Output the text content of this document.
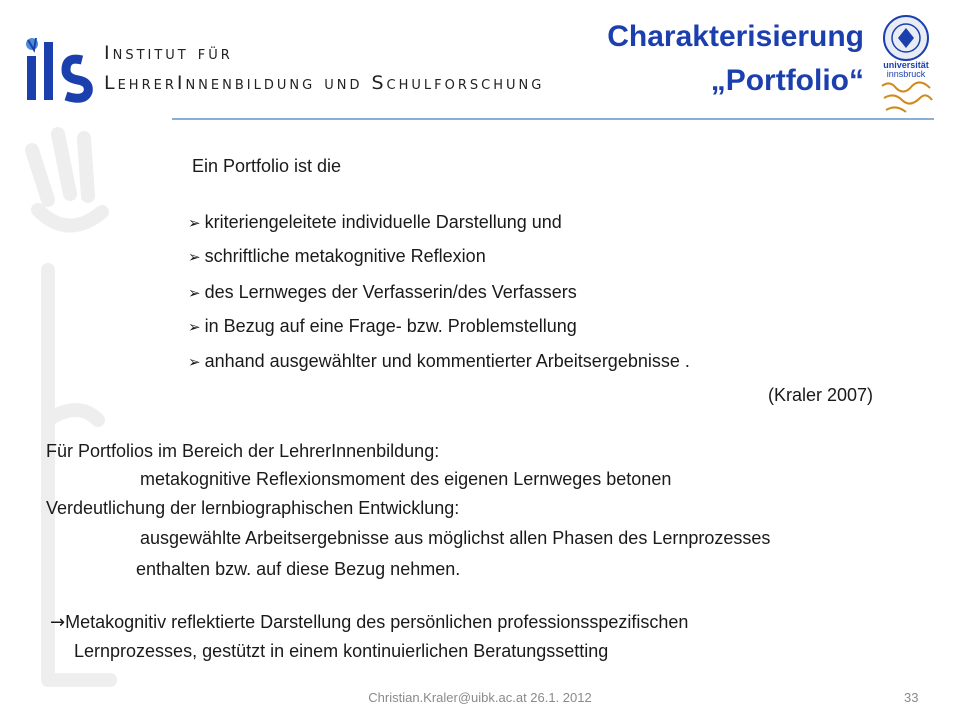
ILS
Institut für
LehrerInnenbildung und Schulforschung
Charakterisierung
„Portfolio“ universität
innsbruck
Ein Portfolio ist die
➢ kriteriengeleitete individuelle Darstellung und
➢ schriftliche metakognitive Reflexion
➢ des Lernweges der Verfasserin/des Verfassers
➢ in Bezug auf eine Frage- bzw. Problemstellung
➢ anhand ausgewählter und kommentierter Arbeitsergebnisse .
(Kraler 2007)
Für Portfolios im Bereich der LehrerInnenbildung:
metakognitive Reflexionsmoment des eigenen Lernweges betonen
Verdeutlichung der lernbiographischen Entwicklung:
ausgewählte Arbeitsergebnisse aus möglichst allen Phasen des Lernprozesses
enthalten bzw. auf diese Bezug nehmen.
→Metakognitiv reflektierte Darstellung des persönlichen professionsspezifischen
Lernprozesses, gestützt in einem kontinuierlichen Beratungssetting
Christian.Kraler@uibk.ac.at 26.1. 2012	33
